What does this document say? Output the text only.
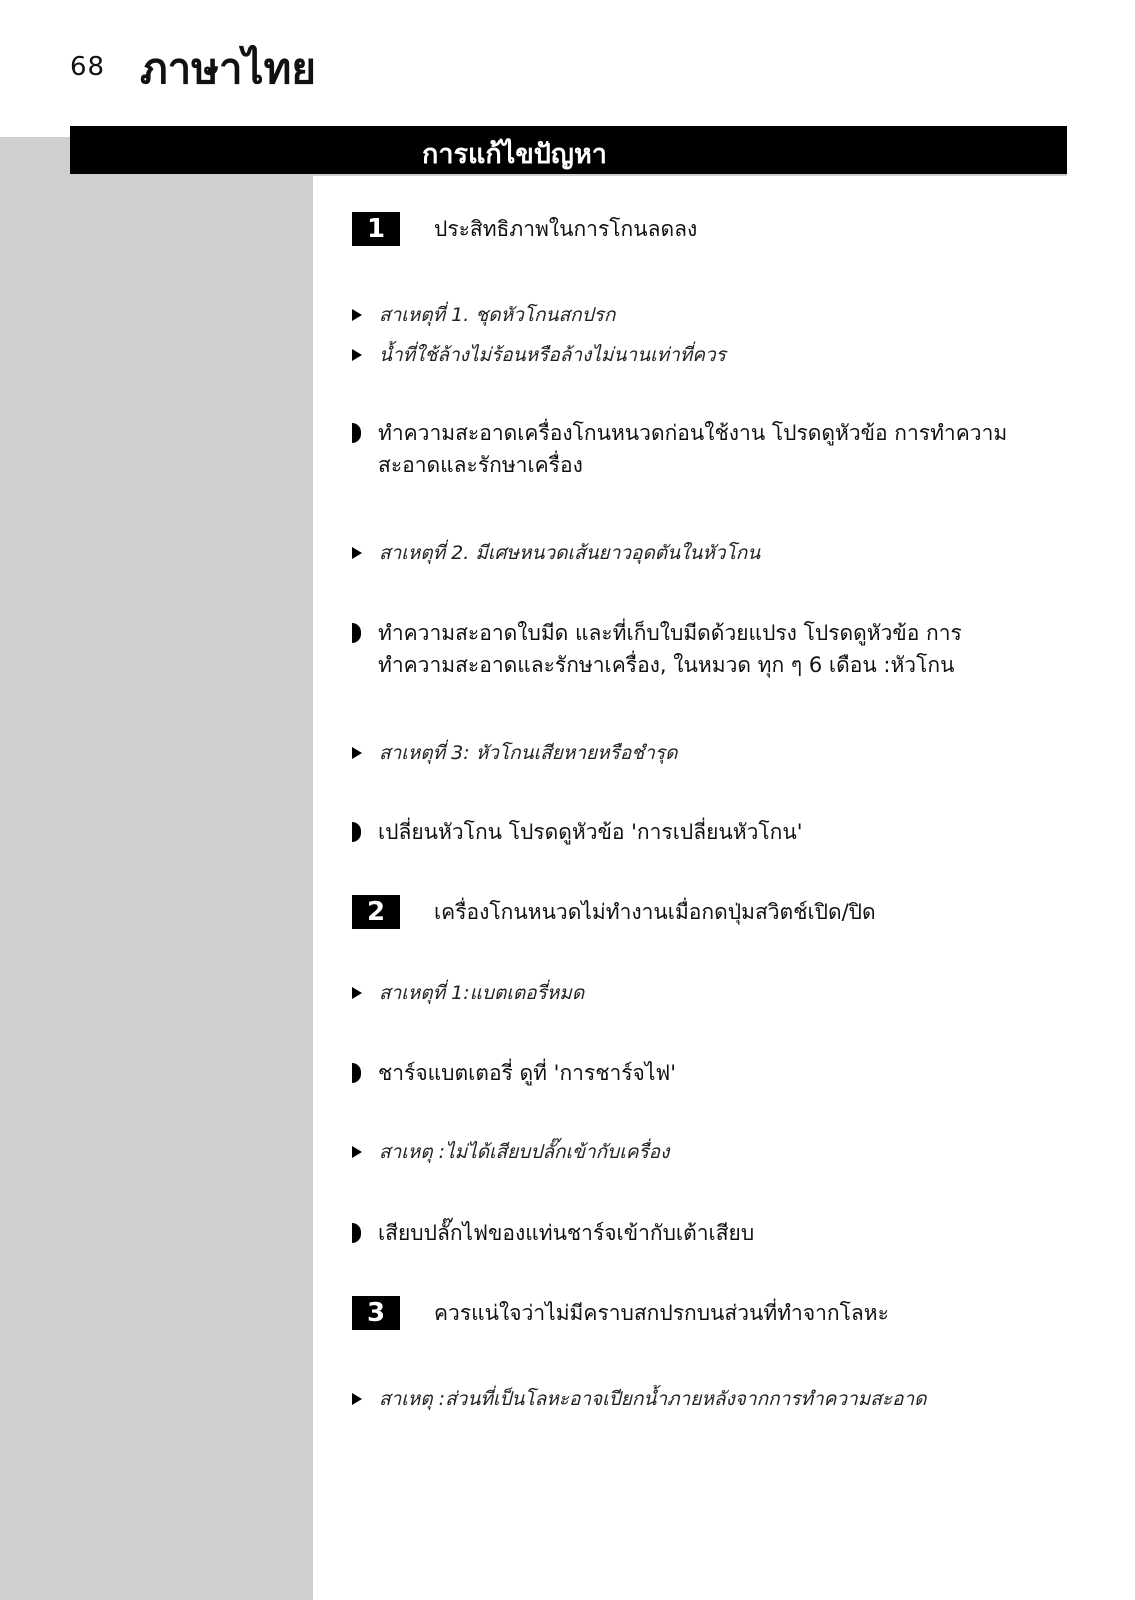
68 ภาษาไทย
การแก้ไขปัญหา
1	ประสิทธิภาพในการโกนลดลง
สาเหตุที่ 1. ชุดหัวโกนสกปรก
น้ำที่ใช้ล้างไม่ร้อนหรือล้างไม่นานเท่าที่ควร
ทำความสะอาดเครื่องโกนหนวดก่อนใช้งาน โปรดดูหัวข้อ การทำความสะอาดและรักษาเครื่อง
สาเหตุที่ 2. มีเศษหนวดเส้นยาวอุดตันในหัวโกน
ทำความสะอาดใบมีด และที่เก็บใบมีดด้วยแปรง โปรดดูหัวข้อ การทำความสะอาดและรักษาเครื่อง, ในหมวด ทุก ๆ 6 เดือน :หัวโกน
สาเหตุที่ 3: หัวโกนเสียหายหรือชำรุด
เปลี่ยนหัวโกน โปรดดูหัวข้อ 'การเปลี่ยนหัวโกน'
2	เครื่องโกนหนวดไม่ทำงานเมื่อกดปุ่มสวิตช์เปิด/ปิด
สาเหตุที่ 1:แบตเตอรี่หมด
ชาร์จแบตเตอรี่ ดูที่ 'การชาร์จไฟ'
สาเหตุ :ไม่ได้เสียบปลั๊กเข้ากับเครื่อง
เสียบปลั๊กไฟของแท่นชาร์จเข้ากับเต้าเสียบ
3	ควรแน่ใจว่าไม่มีคราบสกปรกบนส่วนที่ทำจากโลหะ
สาเหตุ :ส่วนที่เป็นโลหะอาจเปียกน้ำภายหลังจากการทำความสะอาด
